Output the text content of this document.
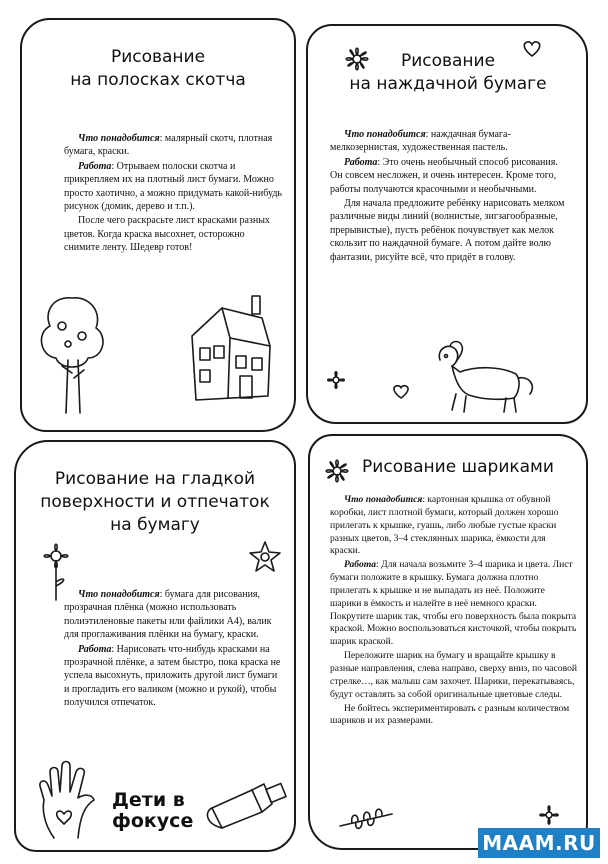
Рисование
на полосках скотча

Что понадобится: малярный скотч, плотная бумага, краски.

Работа: Отрываем полоски скотча и прикрепляем их на плотный лист бумаги. Можно просто хаотично, а можно придумать какой-нибудь рисунок (домик, дерево и т.п.).

После чего раскрасьте лист красками разных цветов. Когда краска высохнет, осторожно снимите ленту. Шедевр готов!

Рисование
на наждачной бумаге

Что понадобится: наждачная бумага-мелкозернистая, художественная пастель.

Работа: Это очень необычный способ рисования. Он совсем несложен, и очень интересен. Кроме того, работы получаются красочными и необычными.

Для начала предложите ребёнку нарисовать мелком различные виды линий (волнистые, зигзагообразные, прерывистые), пусть ребёнок почувствует как мелок скользит по наждачной бумаге. А потом дайте волю фантазии, рисуйте всё, что придёт в голову.

Рисование на гладкой
поверхности и отпечаток
на бумагу

Что понадобится: бумага для рисования, прозрачная плёнка (можно использовать полиэтиленовые пакеты или файлики А4), валик для проглаживания плёнки на бумагу, краски.

Работа: Нарисовать что-нибудь красками на прозрачной плёнке, а затем быстро, пока краска не успела высохнуть, приложить другой лист бумаги и прогладить его валиком (можно и рукой), чтобы получился отпечаток.

Рисование шариками

Что понадобится: картонная крышка от обувной коробки, лист плотной бумаги, который должен хорошо прилегать к крышке, гуашь, либо любые густые краски разных цветов, 3–4 стеклянных шарика, ёмкости для краски.

Работа: Для начала возьмите 3–4 шарика и цвета. Лист бумаги положите в крышку. Бумага должна плотно прилегать к крышке и не выпадать из неё. Положите шарики в ёмкость и налейте в неё немного краски. Покрутите шарик так, чтобы его поверхность была покрыта краской. Можно воспользоваться кисточкой, чтобы покрыть шарик краской.

Переложите шарик на бумагу и вращайте крышку в разные направления, слева направо, сверху вниз, по часовой стрелке…, как малыш сам захочет. Шарики, перекатываясь, будут оставлять за собой оригинальные цветовые следы.

Не бойтесь экспериментировать с разным количеством шариков и их размерами.

Дети в
фокусе
MAAM.RU
